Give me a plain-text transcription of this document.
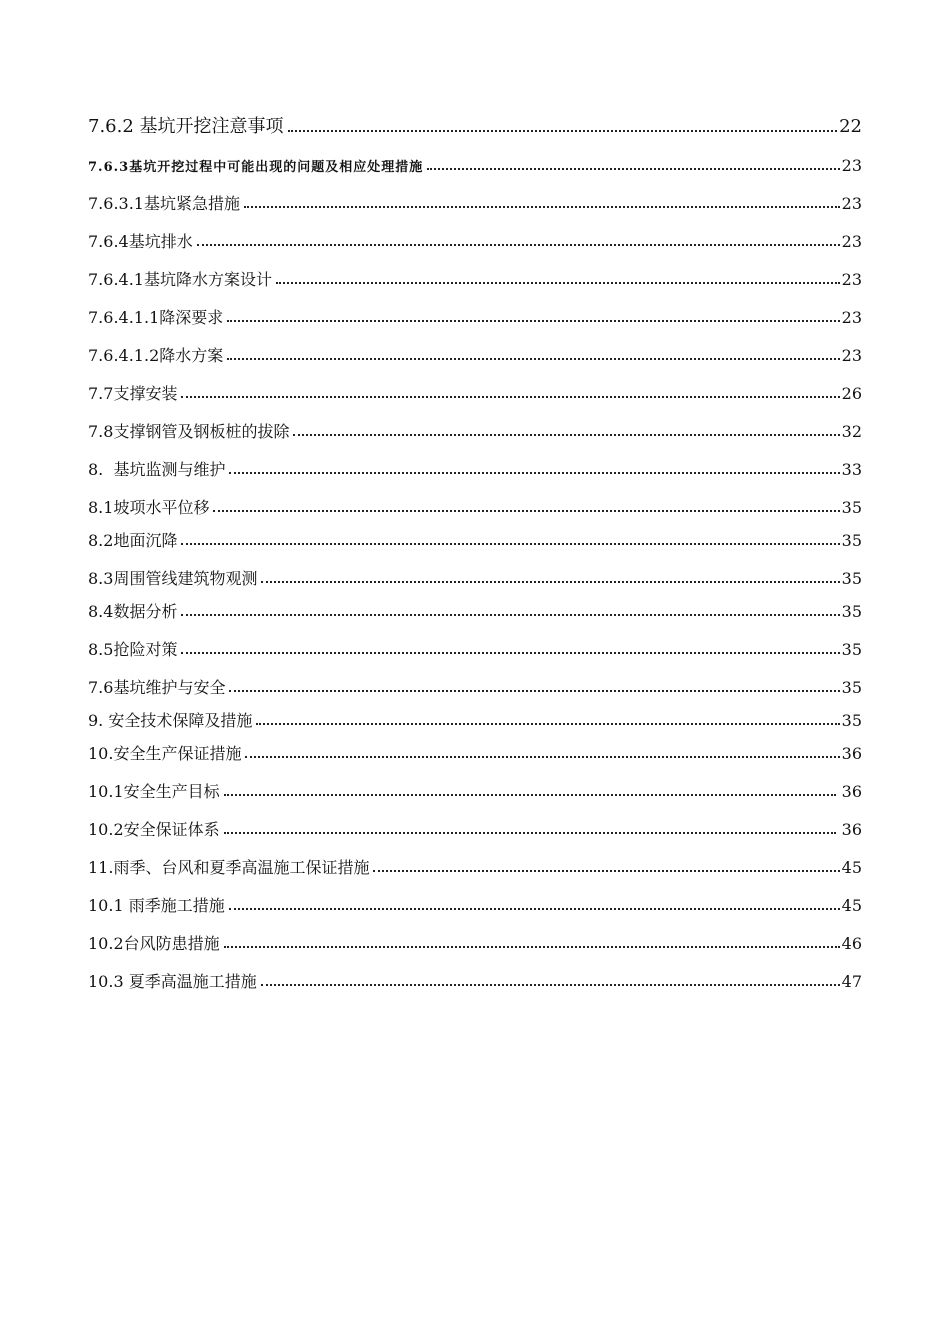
7.6.2 基坑开挖注意事项	22
7.6.3基坑开挖过程中可能出现的问题及相应处理措施	23
7.6.3.1基坑紧急措施	23
7.6.4基坑排水	23
7.6.4.1基坑降水方案设计	23
7.6.4.1.1降深要求	23
7.6.4.1.2降水方案	23
7.7支撑安装	26
7.8支撑钢管及钢板桩的拔除	32
8.  基坑监测与维护	33
8.1坡项水平位移	35
8.2地面沉降	35
8.3周围管线建筑物观测	35
8.4数据分析	35
8.5抢险对策	35
7.6基坑维护与安全	35
9. 安全技术保障及措施	35
10.安全生产保证措施	36
10.1安全生产目标	36
10.2安全保证体系	36
11.雨季、台风和夏季高温施工保证措施	45
10.1 雨季施工措施	45
10.2台风防患措施	46
10.3 夏季高温施工措施	47
